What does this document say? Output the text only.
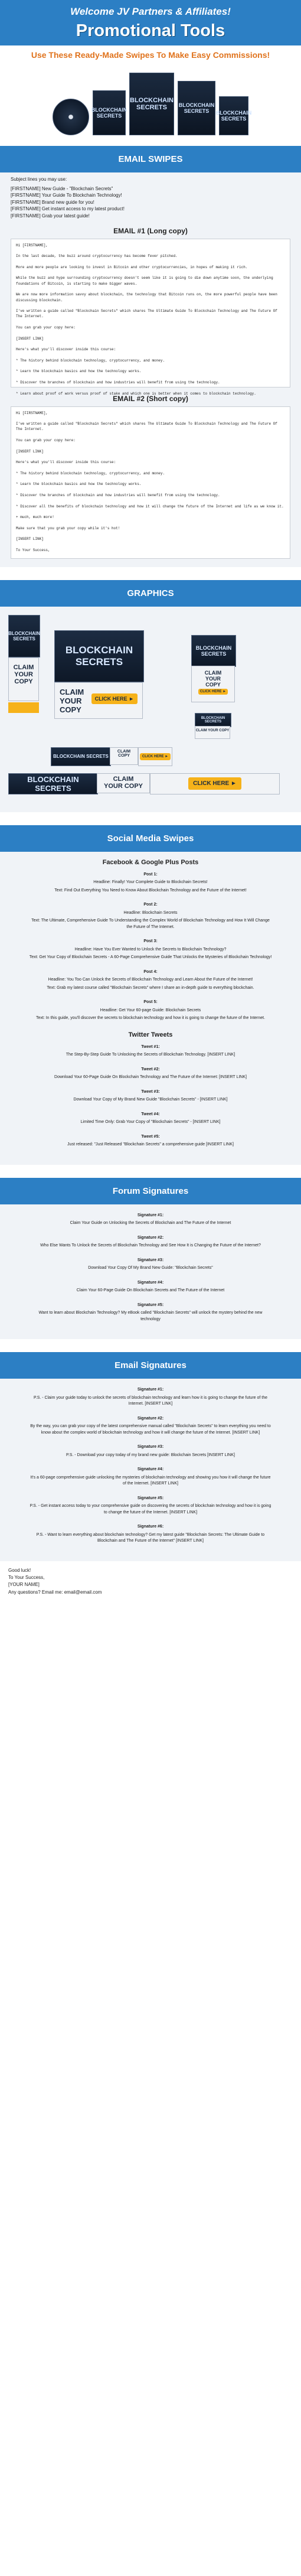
Welcome JV Partners & Affiliates!
Promotional Tools
Use These Ready-Made Swipes To Make Easy Commissions!
BLOCKCHAIN SECRETS
BLOCKCHAIN SECRETS	BLOCKCHAIN SECRETS	BLOCKCHAIN SECRETS
EMAIL SWIPES
Subject lines you may use:
[FIRSTNAME] New Guide - "Blockchain Secrets"
[FIRSTNAME] Your Guide To Blockchain Technology!
[FIRSTNAME] Brand new guide for you!
[FIRSTNAME] Get instant access to my latest product!
[FIRSTNAME] Grab your latest guide!
EMAIL #1 (Long copy)
Hi [FIRSTNAME],

In the last decade, the buzz around cryptocurrency has become fever pitched.

More and more people are looking to invest in Bitcoin and other cryptocurrencies, in hopes of making it rich.

While the buzz and hype surrounding cryptocurrency doesn't seem like it is going to die down anytime soon, the underlying foundations of Bitcoin, is starting to make bigger waves.

We are now more information savvy about blockchain, the technology that Bitcoin runs on, the more powerful people have been discussing blockchain.

I've written a guide called "Blockchain Secrets" which shares The Ultimate Guide To Blockchain Technology and The Future Of The Internet.

You can grab your copy here:

[INSERT LINK]

Here's what you'll discover inside this course:

* The history behind blockchain technology, cryptocurrency, and money.

* Learn the blockchain basics and how the technology works.

* Discover the branches of blockchain and how industries will benefit from using the technology.

* Learn about proof of work versus proof of stake and which one is better when it comes to blockchain technology.
EMAIL #2 (Short copy)
Hi [FIRSTNAME],

I've written a guide called "Blockchain Secrets" which shares The Ultimate Guide To Blockchain Technology and The Future Of The Internet.

You can grab your copy here:

[INSERT LINK]

Here's what you'll discover inside this course:

* The history behind blockchain technology, cryptocurrency, and money.

* Learn the blockchain basics and how the technology works.

* Discover the branches of blockchain and how industries will benefit from using the technology.

* Discover all the benefits of blockchain technology and how it will change the future of the Internet and life as we know it.

+ much, much more!

Make sure that you grab your copy while it's hot!

[INSERT LINK]

To Your Success,
GRAPHICS
BLOCKCHAIN SECRETS
CLAIM
YOUR
COPY
BLOCKCHAIN SECRETS
CLAIM
YOUR
COPY
CLICK HERE ►
BLOCKCHAIN SECRETS
CLAIM
YOUR
COPY
CLICK HERE ►
BLOCKCHAIN SECRETS
CLAIM YOUR COPY
BLOCKCHAIN SECRETS
CLAIM
COPY	CLICK HERE ►
BLOCKCHAIN SECRETS
CLAIM
YOUR COPY	CLICK HERE ►
Social Media Swipes
Facebook & Google Plus Posts
Post 1:

Headline: Finally! Your Complete Guide to Blockchain Secrets!

Text: Find Out Everything You Need to Know About Blockchain Technology and the Future of the Internet!

Post 2:

Headline: Blockchain Secrets

Text: The Ultimate, Comprehensive Guide To Understanding the Complex World of Blockchain Technology and How It Will Change the Future of The Internet.

Post 3:

Headline: Have You Ever Wanted to Unlock the Secrets to Blockchain Technology?

Text: Get Your Copy of Blockchain Secrets - A 60-Page Comprehensive Guide That Unlocks the Mysteries of Blockchain Technology!

Post 4:

Headline: You Too Can Unlock the Secrets of Blockchain Technology and Learn About the Future of the Internet!

Text: Grab my latest course called "Blockchain Secrets" where I share an in-depth guide to everything blockchain.

Post 5:

Headline: Get Your 60-page Guide: Blockchain Secrets

Text: In this guide, you'll discover the secrets to blockchain technology and how it is going to change the future of the Internet.

Twitter Tweets
Tweet #1:

The Step-By-Step Guide To Unlocking the Secrets of Blockchain Technology. [INSERT LINK]

Tweet #2:

Download Your 60-Page Guide On Blockchain Technology and The Future of the Internet: [INSERT LINK]

Tweet #3:

Download Your Copy of My Brand New Guide "Blockchain Secrets" - [INSERT LINK]

Tweet #4:

Limited Time Only: Grab Your Copy of "Blockchain Secrets" - [INSERT LINK]

Tweet #5:

Just released: "Just Released "Blockchain Secrets" a comprehensive guide [INSERT LINK]

Forum Signatures
Signature #1:

Claim Your Guide on Unlocking the Secrets of Blockchain and The Future of the Internet

Signature #2:

Who Else Wants To Unlock the Secrets of Blockchain Technology and See How It is Changing the Future of the Internet?

Signature #3:

Download Your Copy Of My Brand New Guide: "Blockchain Secrets"

Signature #4:

Claim Your 60-Page Guide On Blockchain Secrets and The Future of the Internet

Signature #5:

Want to learn about Blockchain Technology? My eBook called "Blockchain Secrets" will unlock the mystery behind the new technology

Email Signatures
Signature #1:

P.S. - Claim your guide today to unlock the secrets of blockchain technology and learn how it is going to change the future of the Internet. [INSERT LINK]

Signature #2:

By the way, you can grab your copy of the latest comprehensive manual called "Blockchain Secrets" to learn everything you need to know about the complex world of blockchain technology and how it will change the future of the Internet. [INSERT LINK]

Signature #3:

P.S. - Download your copy today of my brand new guide: Blockchain Secrets [INSERT LINK]

Signature #4:

It's a 60-page comprehensive guide unlocking the mysteries of blockchain technology and showing you how it will change the future of the Internet. [INSERT LINK]

Signature #5:

P.S. - Get instant access today to your comprehensive guide on discovering the secrets of blockchain technology and how it is going to change the future of the Internet. [INSERT LINK]

Signature #6:

P.S. - Want to learn everything about blockchain technology? Get my latest guide "Blockchain Secrets: The Ultimate Guide to Blockchain and The Future of the Internet" [INSERT LINK]

Good luck!
To Your Success,
[YOUR NAME]
Any questions? Email me: email@email.com
